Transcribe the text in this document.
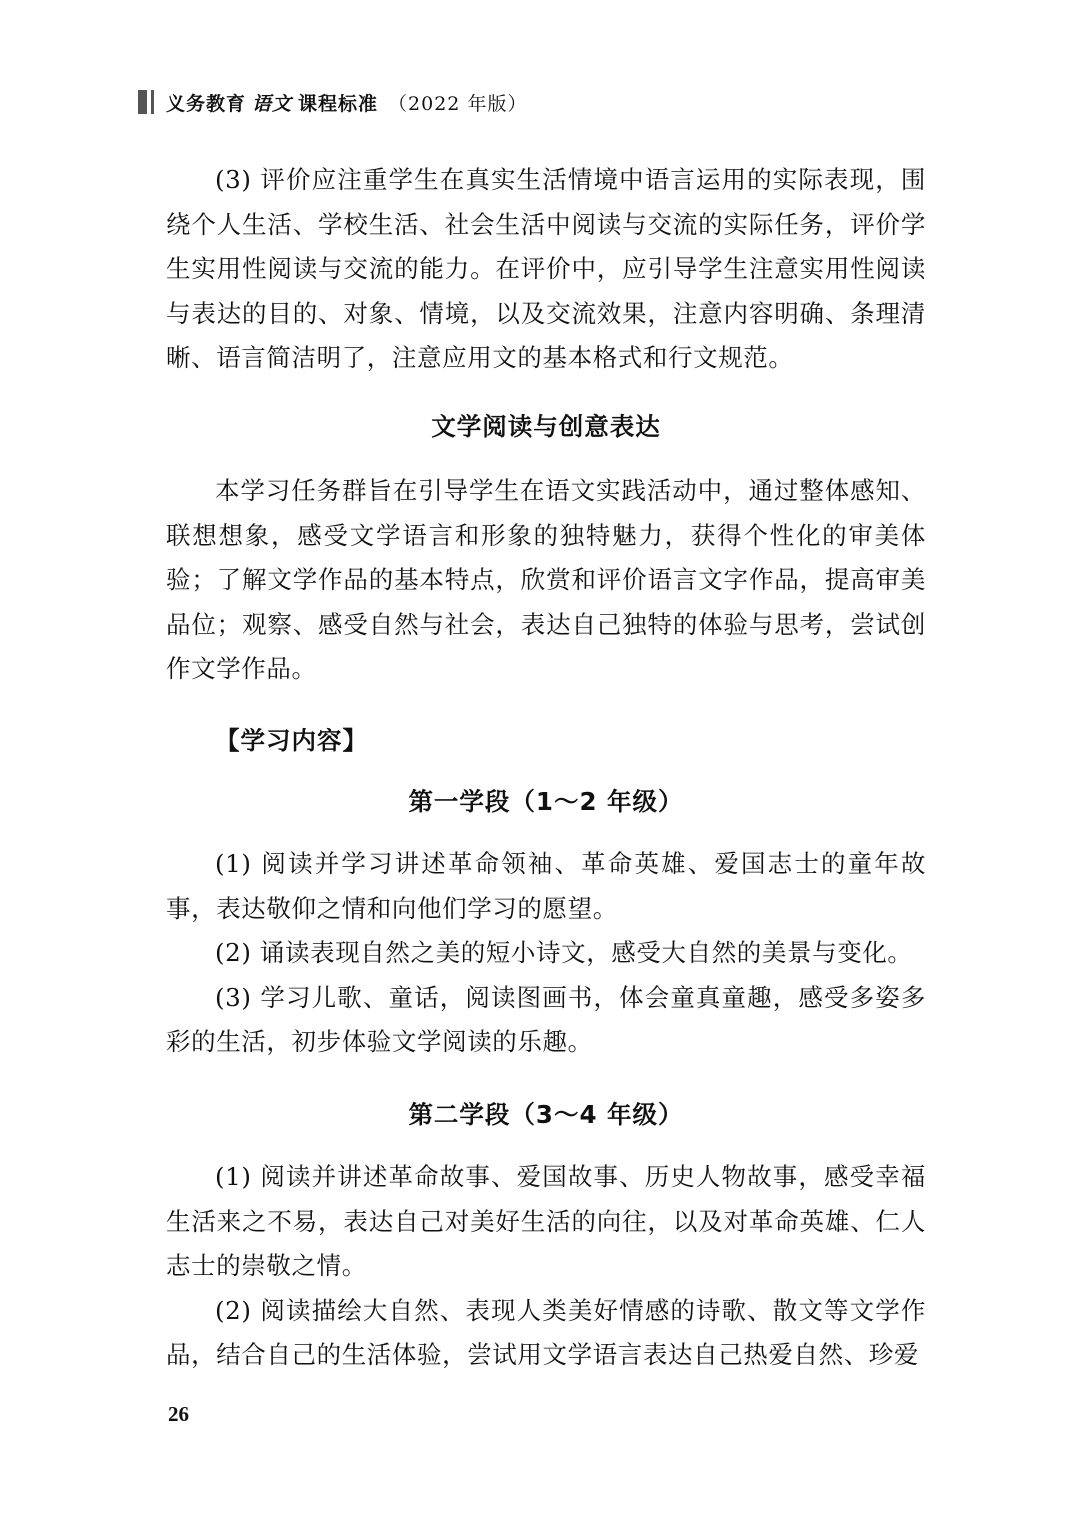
义务教育 语文 课程标准 （2022 年版）

(3) 评价应注重学生在真实生活情境中语言运用的实际表现，围绕个人生活、学校生活、社会生活中阅读与交流的实际任务，评价学生实用性阅读与交流的能力。在评价中，应引导学生注意实用性阅读与表达的目的、对象、情境，以及交流效果，注意内容明确、条理清晰、语言简洁明了，注意应用文的基本格式和行文规范。

文学阅读与创意表达

本学习任务群旨在引导学生在语文实践活动中，通过整体感知、联想想象，感受文学语言和形象的独特魅力，获得个性化的审美体验；了解文学作品的基本特点，欣赏和评价语言文字作品，提高审美品位；观察、感受自然与社会，表达自己独特的体验与思考，尝试创作文学作品。

【学习内容】
第一学段（1～2 年级）

(1) 阅读并学习讲述革命领袖、革命英雄、爱国志士的童年故事，表达敬仰之情和向他们学习的愿望。

(2) 诵读表现自然之美的短小诗文，感受大自然的美景与变化。

(3) 学习儿歌、童话，阅读图画书，体会童真童趣，感受多姿多彩的生活，初步体验文学阅读的乐趣。

第二学段（3～4 年级）

(1) 阅读并讲述革命故事、爱国故事、历史人物故事，感受幸福生活来之不易，表达自己对美好生活的向往，以及对革命英雄、仁人志士的崇敬之情。

(2) 阅读描绘大自然、表现人类美好情感的诗歌、散文等文学作品，结合自己的生活体验，尝试用文学语言表达自己热爱自然、珍爱

26
